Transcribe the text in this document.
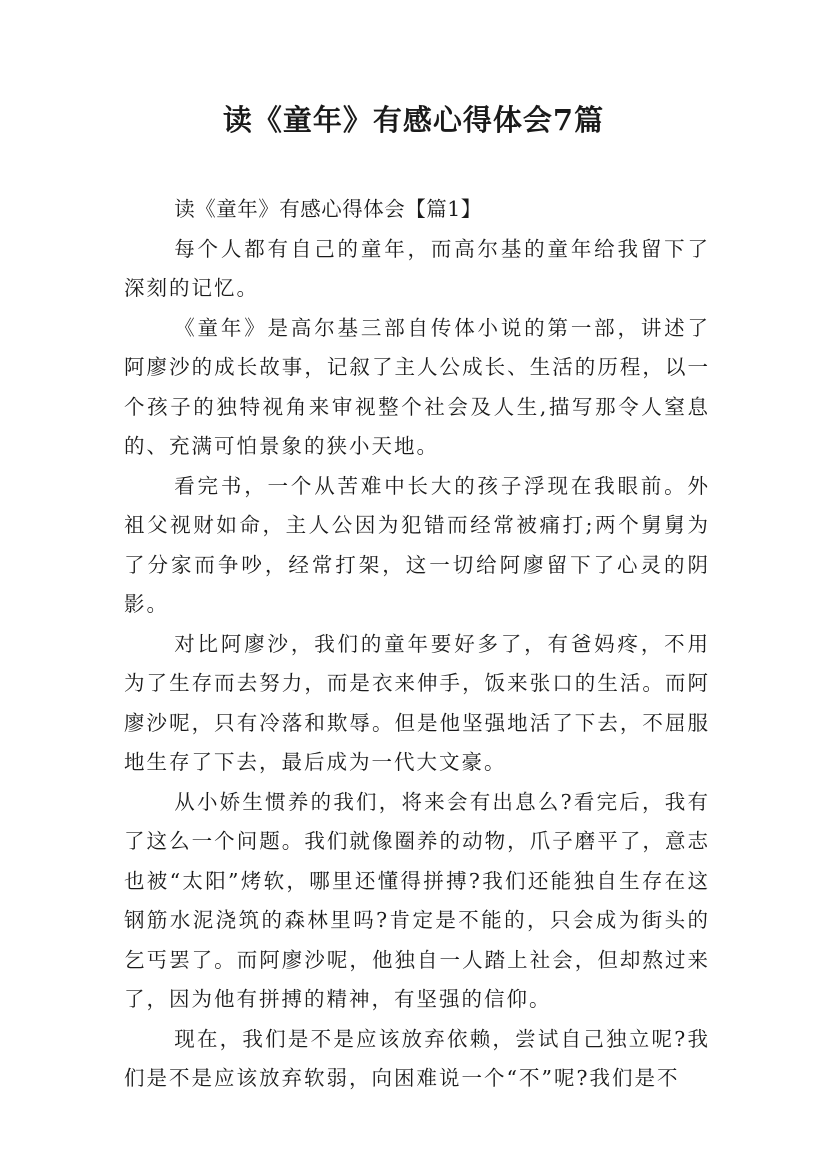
读《童年》有感心得体会7篇

读《童年》有感心得体会【篇1】

每个人都有自己的童年，而高尔基的童年给我留下了深刻的记忆。

《童年》是高尔基三部自传体小说的第一部，讲述了阿廖沙的成长故事，记叙了主人公成长、生活的历程，以一个孩子的独特视角来审视整个社会及人生,描写那令人窒息的、充满可怕景象的狭小天地。

看完书，一个从苦难中长大的孩子浮现在我眼前。外祖父视财如命，主人公因为犯错而经常被痛打;两个舅舅为了分家而争吵，经常打架，这一切给阿廖留下了心灵的阴影。

对比阿廖沙，我们的童年要好多了，有爸妈疼，不用为了生存而去努力，而是衣来伸手，饭来张口的生活。而阿廖沙呢，只有冷落和欺辱。但是他坚强地活了下去，不屈服地生存了下去，最后成为一代大文豪。

从小娇生惯养的我们，将来会有出息么?看完后，我有了这么一个问题。我们就像圈养的动物，爪子磨平了，意志也被“太阳”烤软，哪里还懂得拼搏?我们还能独自生存在这钢筋水泥浇筑的森林里吗?肯定是不能的，只会成为街头的乞丐罢了。而阿廖沙呢，他独自一人踏上社会，但却熬过来了，因为他有拼搏的精神，有坚强的信仰。

现在，我们是不是应该放弃依赖，尝试自己独立呢?我们是不是应该放弃软弱，向困难说一个“不”呢?我们是不
